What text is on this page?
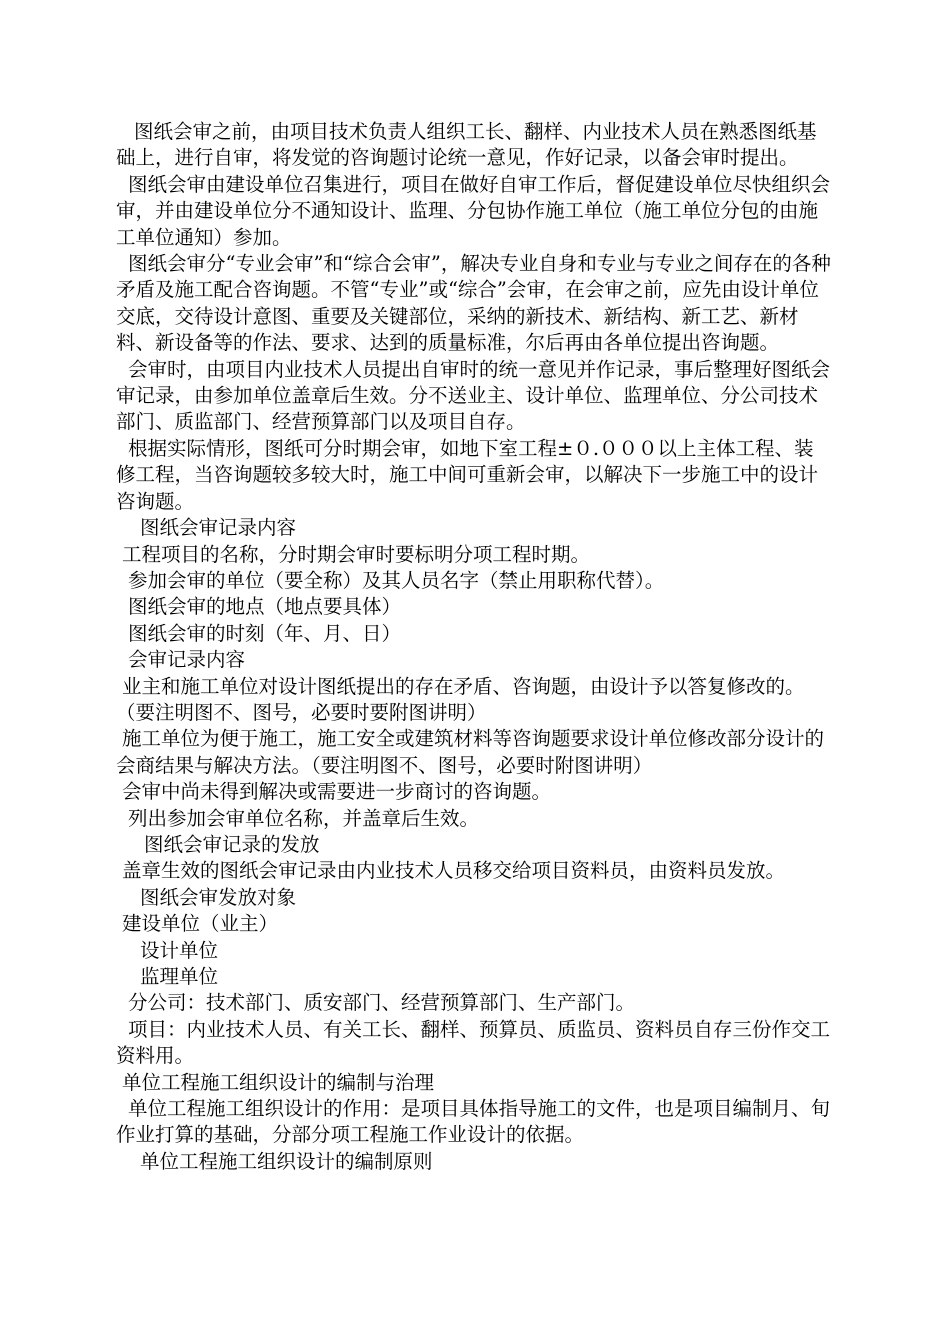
图纸会审之前，由项目技术负责人组织工长、翻样、内业技术人员在熟悉图纸基础上，进行自审，将发觉的咨询题讨论统一意见，作好记录，以备会审时提出。

图纸会审由建设单位召集进行，项目在做好自审工作后，督促建设单位尽快组织会审，并由建设单位分不通知设计、监理、分包协作施工单位（施工单位分包的由施工单位通知）参加。

图纸会审分“专业会审”和“综合会审”，解决专业自身和专业与专业之间存在的各种矛盾及施工配合咨询题。不管“专业”或“综合”会审，在会审之前，应先由设计单位交底，交待设计意图、重要及关键部位，采纳的新技术、新结构、新工艺、新材料、新设备等的作法、要求、达到的质量标准，尔后再由各单位提出咨询题。

会审时，由项目内业技术人员提出自审时的统一意见并作记录，事后整理好图纸会审记录，由参加单位盖章后生效。分不送业主、设计单位、监理单位、分公司技术部门、质监部门、经营预算部门以及项目自存。

根据实际情形，图纸可分时期会审，如地下室工程±０.０００以上主体工程、装修工程，当咨询题较多较大时，施工中间可重新会审，以解决下一步施工中的设计咨询题。

图纸会审记录内容

工程项目的名称，分时期会审时要标明分项工程时期。

参加会审的单位（要全称）及其人员名字（禁止用职称代替）。

图纸会审的地点（地点要具体）

图纸会审的时刻（年、月、日）

会审记录内容

业主和施工单位对设计图纸提出的存在矛盾、咨询题，由设计予以答复修改的。（要注明图不、图号，必要时要附图讲明）

施工单位为便于施工，施工安全或建筑材料等咨询题要求设计单位修改部分设计的会商结果与解决方法。（要注明图不、图号，必要时附图讲明）

会审中尚未得到解决或需要进一步商讨的咨询题。

列出参加会审单位名称，并盖章后生效。

图纸会审记录的发放

盖章生效的图纸会审记录由内业技术人员移交给项目资料员，由资料员发放。

图纸会审发放对象

建设单位（业主）

设计单位

监理单位

分公司：技术部门、质安部门、经营预算部门、生产部门。

项目：内业技术人员、有关工长、翻样、预算员、质监员、资料员自存三份作交工资料用。

单位工程施工组织设计的编制与治理

单位工程施工组织设计的作用：是项目具体指导施工的文件，也是项目编制月、旬作业打算的基础，分部分项工程施工作业设计的依据。

单位工程施工组织设计的编制原则
